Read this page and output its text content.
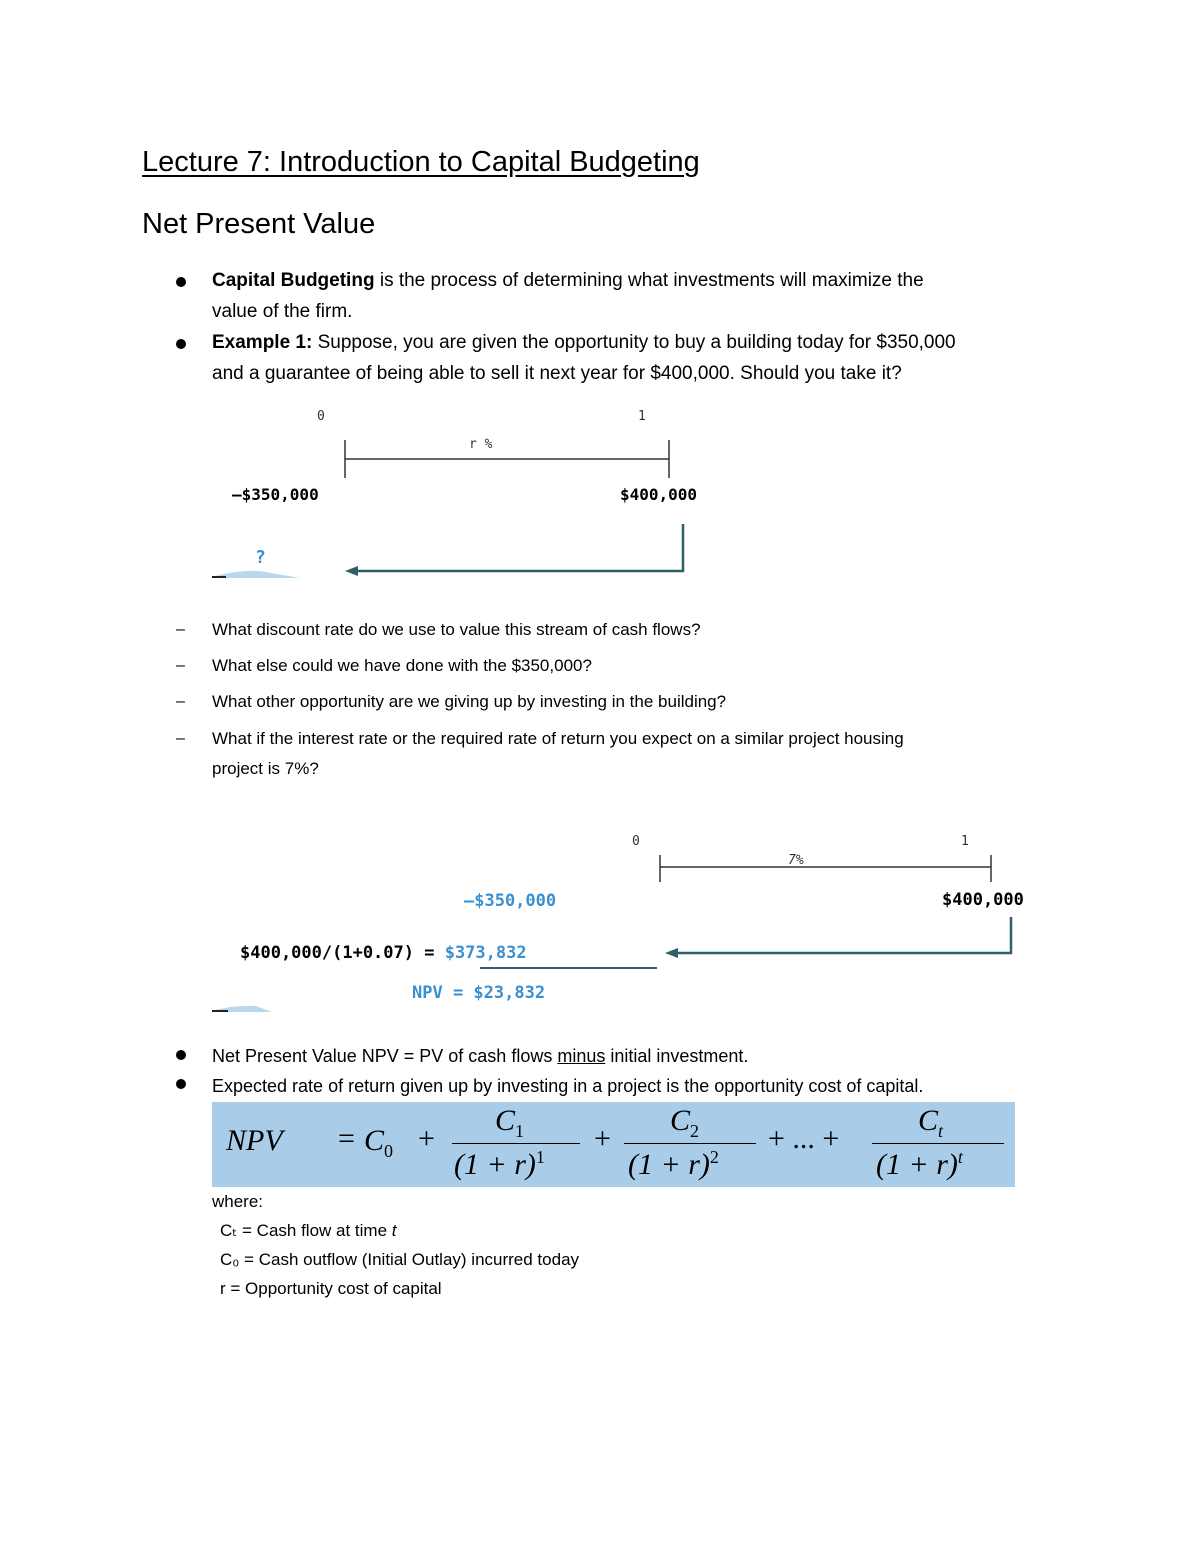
Lecture 7: Introduction to Capital Budgeting
Net Present Value
Capital Budgeting is the process of determining what investments will maximize the
value of the firm.
Example 1: Suppose, you are given the opportunity to buy a building today for $350,000
and a guarantee of being able to sell it next year for $400,000. Should you take it?
0	1
r %
–$350,000	$400,000
?
– What discount rate do we use to value this stream of cash flows?
– What else could we have done with the $350,000?
– What other opportunity are we giving up by investing in the building?
– What if the interest rate or the required rate of return you expect on a similar project housing
project is 7%?
0	1
7%
–$350,000	$400,000
$400,000/(1+0.07) = $373,832
NPV = $23,832
Net Present Value NPV = PV of cash flows minus initial investment.
Expected rate of return given up by investing in a project is the opportunity cost of capital.
NPV = $C_0$ +
$C_1$
$(1 + r)^1$
+
$C_2$
$(1 + r)^2$
+ ... +
$C_t$
$(1 + r)^t$
where:
Cₜ = Cash flow at time t
C₀ = Cash outflow (Initial Outlay) incurred today
r = Opportunity cost of capital
